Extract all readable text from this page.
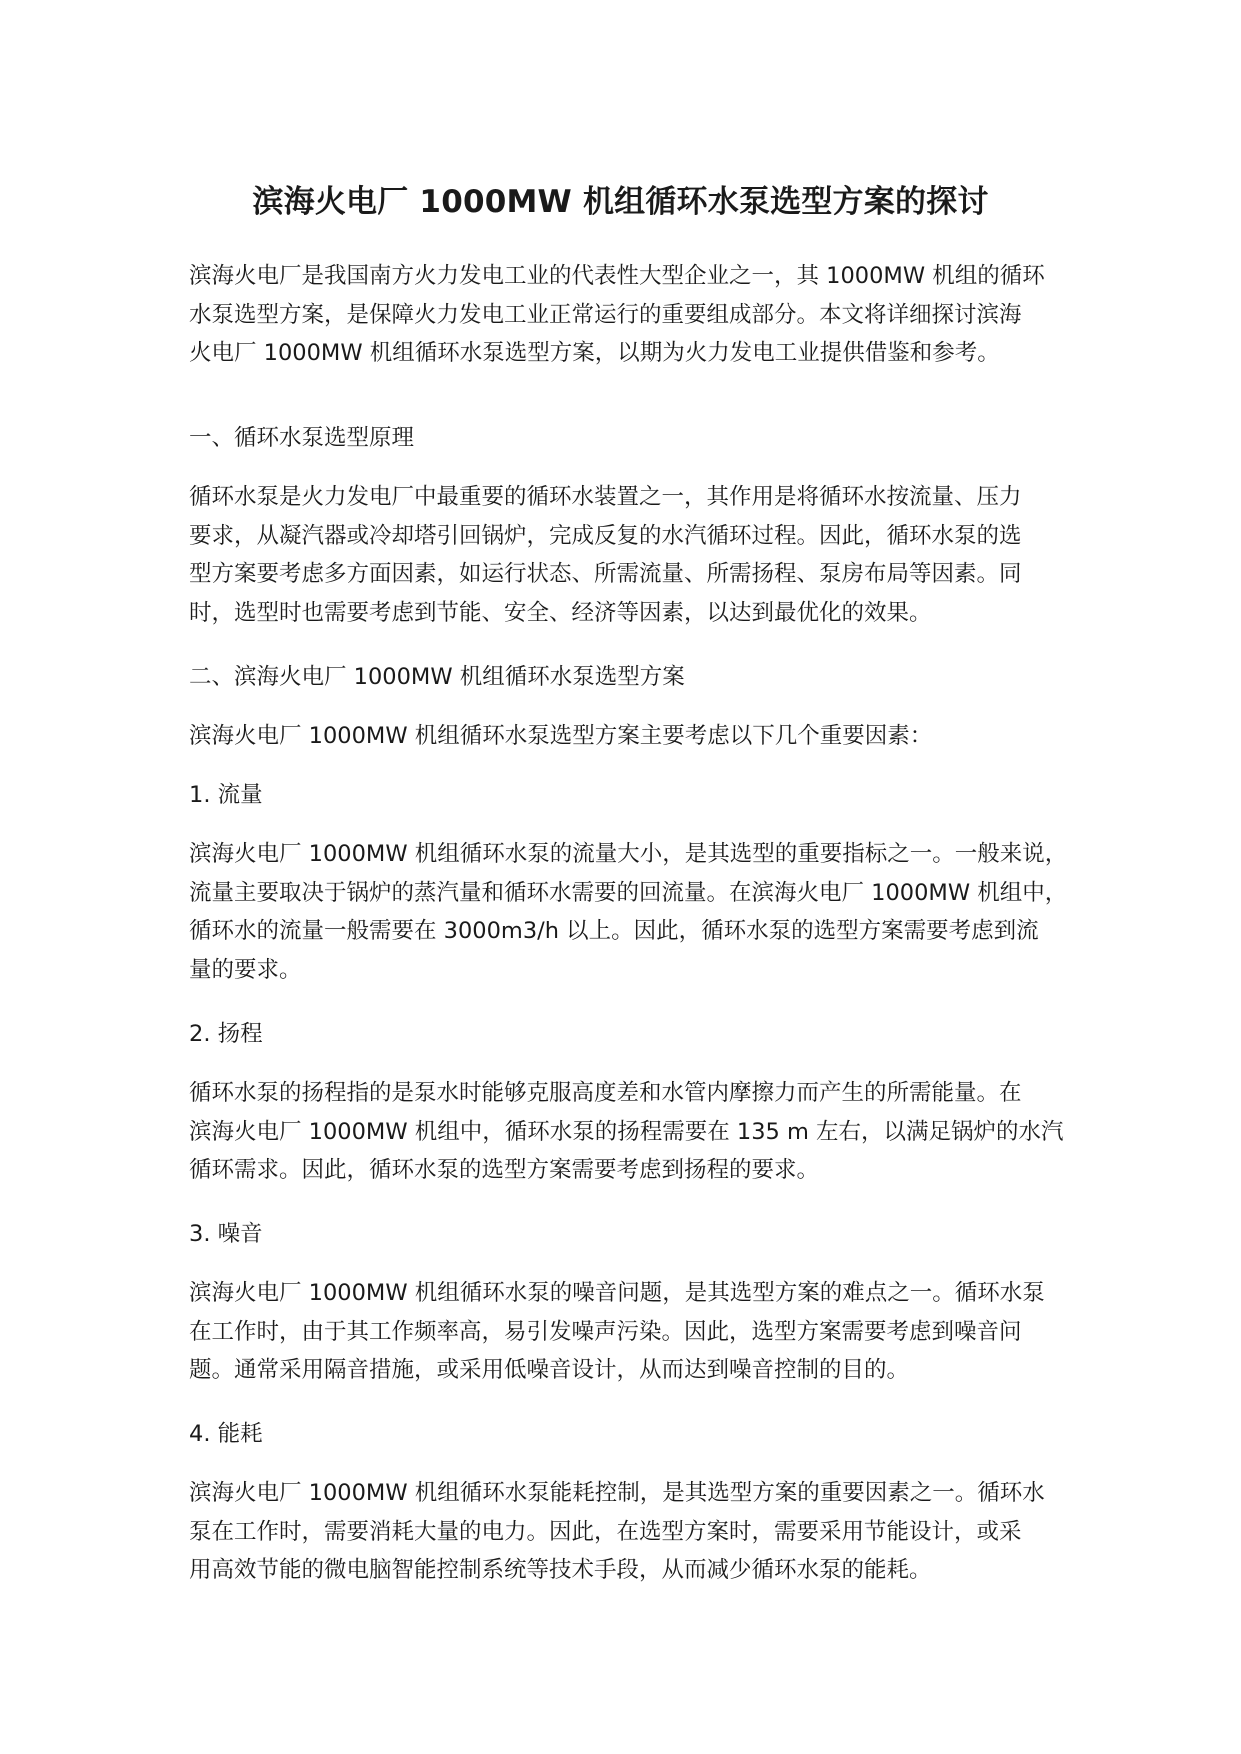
滨海火电厂 1000MW 机组循环水泵选型方案的探讨

滨海火电厂是我国南方火力发电工业的代表性大型企业之一，其 1000MW 机组的循环
水泵选型方案，是保障火力发电工业正常运行的重要组成部分。本文将详细探讨滨海
火电厂 1000MW 机组循环水泵选型方案，以期为火力发电工业提供借鉴和参考。

一、循环水泵选型原理

循环水泵是火力发电厂中最重要的循环水装置之一，其作用是将循环水按流量、压力
要求，从凝汽器或冷却塔引回锅炉，完成反复的水汽循环过程。因此，循环水泵的选
型方案要考虑多方面因素，如运行状态、所需流量、所需扬程、泵房布局等因素。同
时，选型时也需要考虑到节能、安全、经济等因素，以达到最优化的效果。

二、滨海火电厂 1000MW 机组循环水泵选型方案

滨海火电厂 1000MW 机组循环水泵选型方案主要考虑以下几个重要因素：

1. 流量

滨海火电厂 1000MW 机组循环水泵的流量大小，是其选型的重要指标之一。一般来说，
流量主要取决于锅炉的蒸汽量和循环水需要的回流量。在滨海火电厂 1000MW 机组中，
循环水的流量一般需要在 3000m3/h 以上。因此，循环水泵的选型方案需要考虑到流
量的要求。

2. 扬程

循环水泵的扬程指的是泵水时能够克服高度差和水管内摩擦力而产生的所需能量。在
滨海火电厂 1000MW 机组中，循环水泵的扬程需要在 135 m 左右，以满足锅炉的水汽
循环需求。因此，循环水泵的选型方案需要考虑到扬程的要求。

3. 噪音

滨海火电厂 1000MW 机组循环水泵的噪音问题，是其选型方案的难点之一。循环水泵
在工作时，由于其工作频率高，易引发噪声污染。因此，选型方案需要考虑到噪音问
题。通常采用隔音措施，或采用低噪音设计，从而达到噪音控制的目的。

4. 能耗

滨海火电厂 1000MW 机组循环水泵能耗控制，是其选型方案的重要因素之一。循环水
泵在工作时，需要消耗大量的电力。因此，在选型方案时，需要采用节能设计，或采
用高效节能的微电脑智能控制系统等技术手段，从而减少循环水泵的能耗。
